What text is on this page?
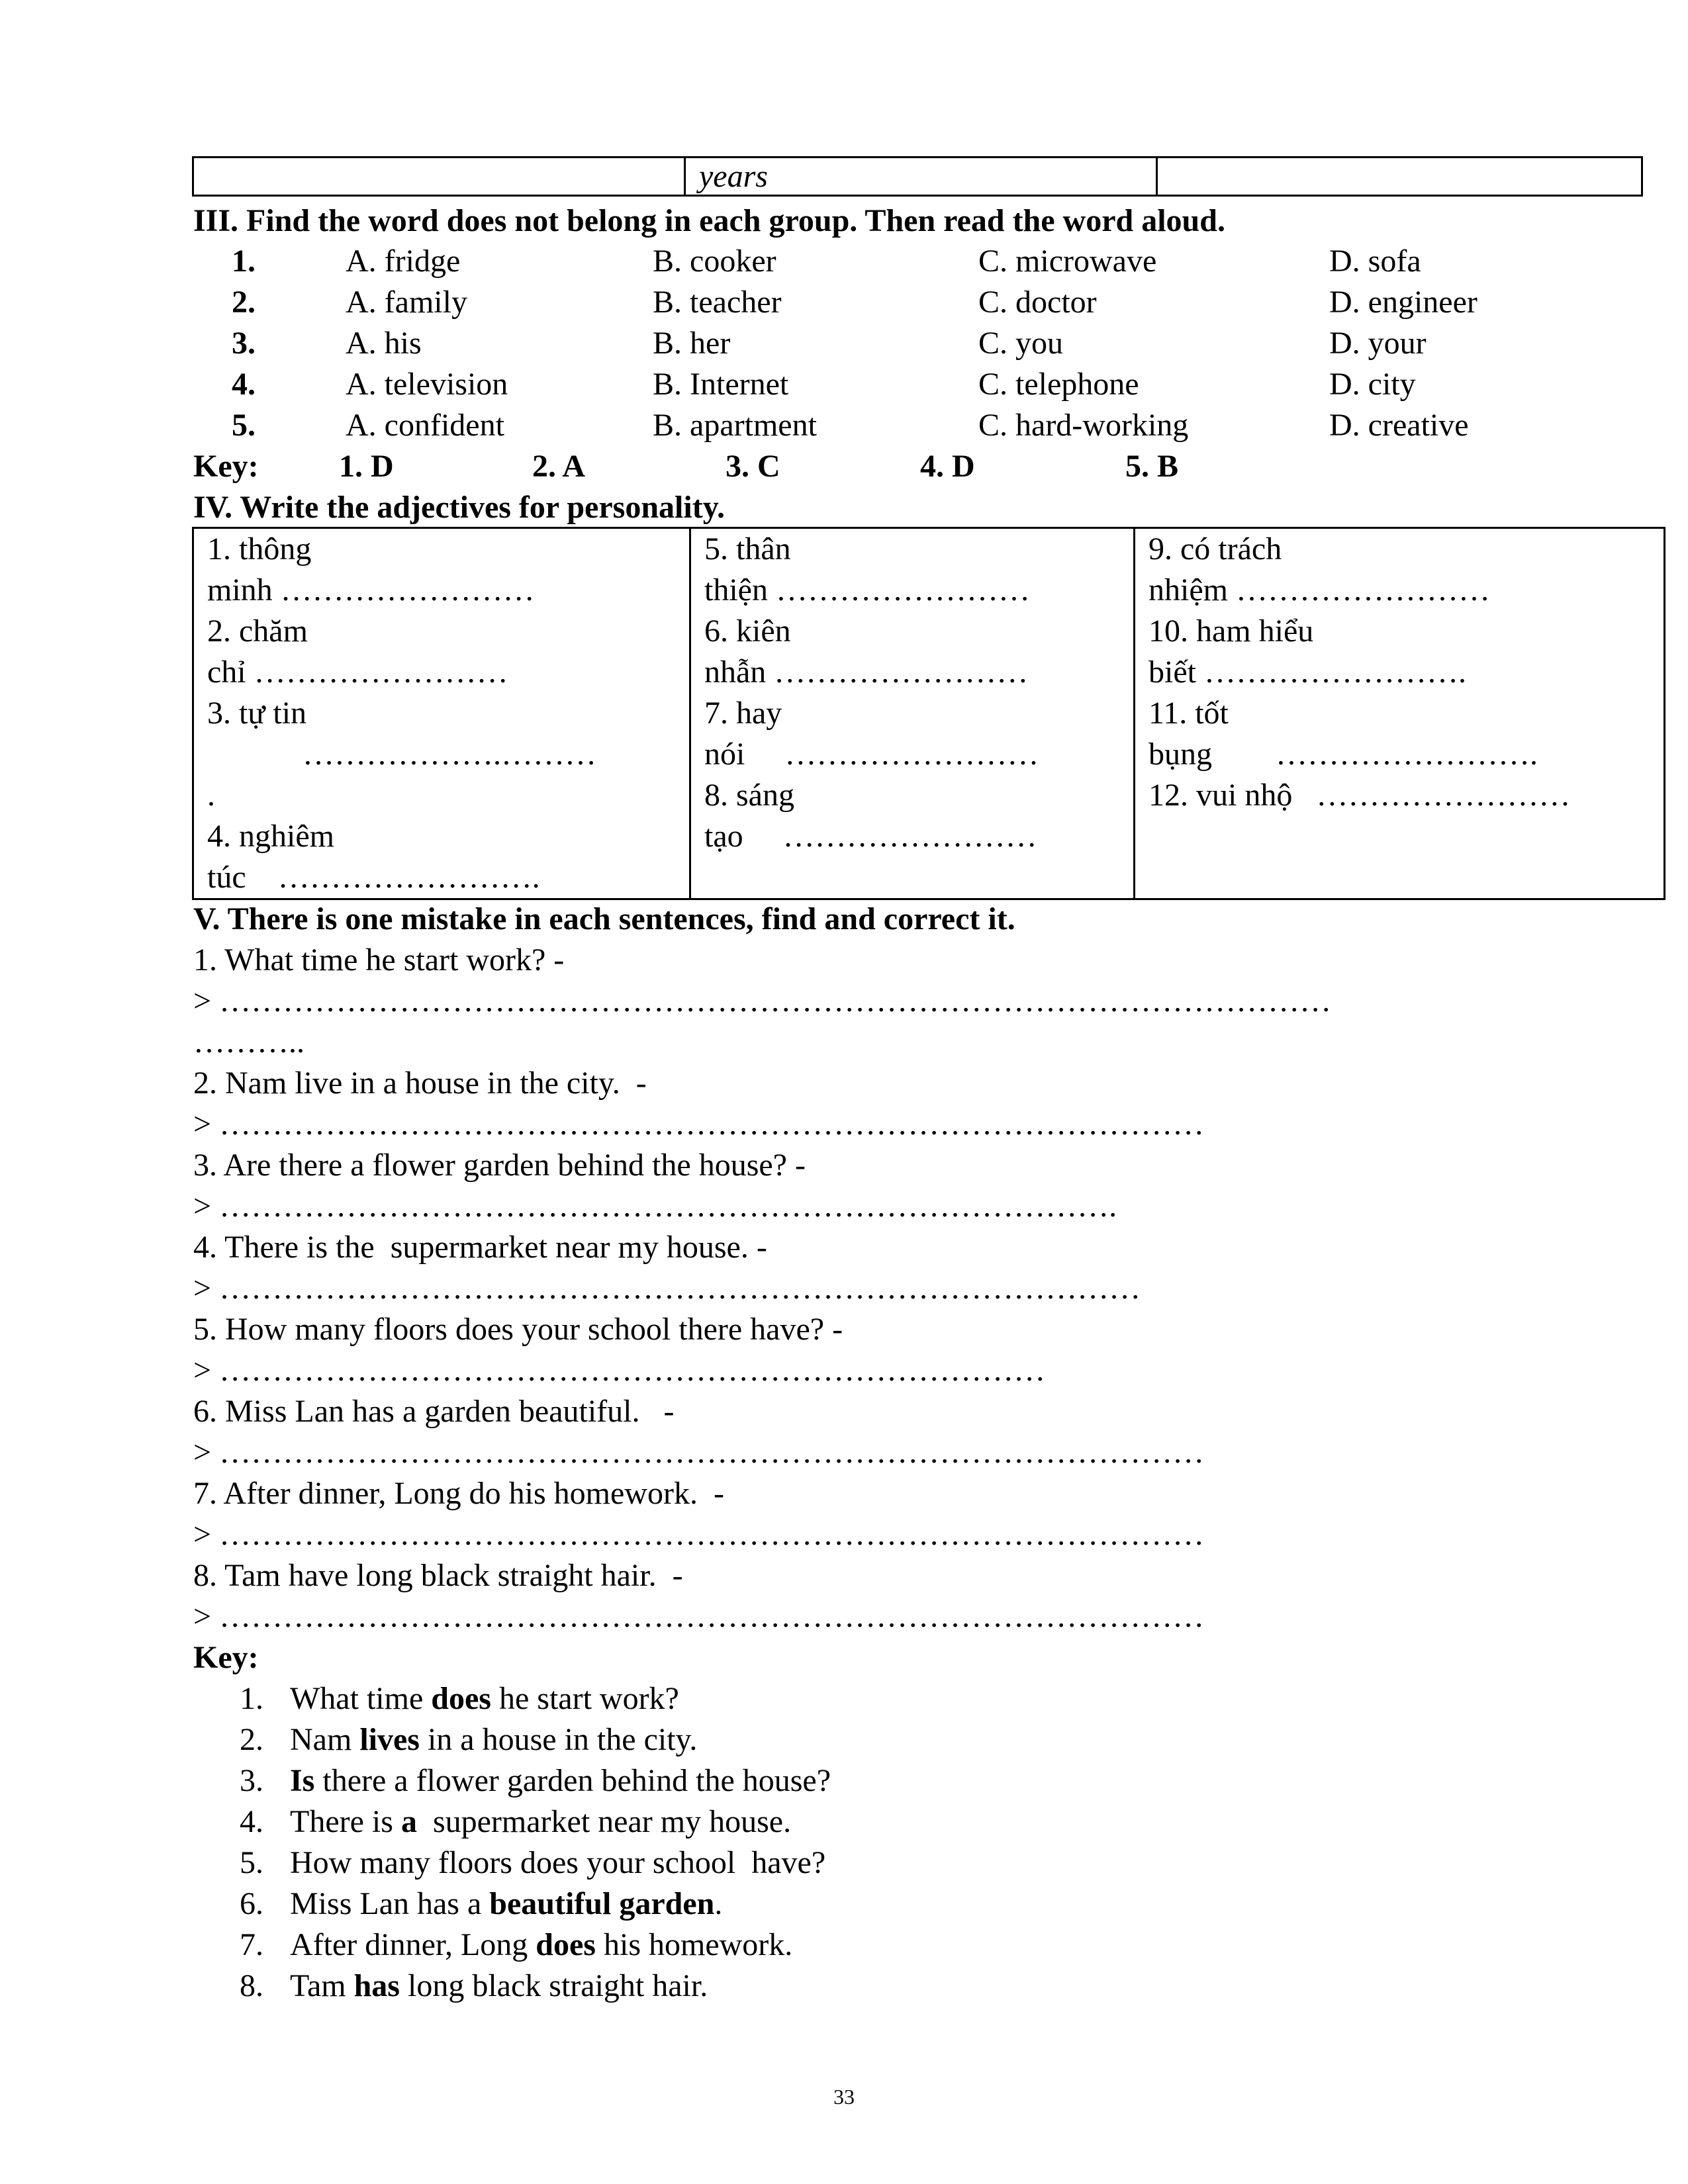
	years	
III. Find the word does not belong in each group. Then read the word aloud.
1.	A. fridge	B. cooker	C. microwave	D. sofa
2.	A. family	B. teacher	C. doctor	D. engineer
3.	A. his	B. her	C. you	D. your
4.	A. television	B. Internet	C. telephone	D. city
5.	A. confident	B. apartment	C. hard-working	D. creative
Key:	1. D	2. A	3. C	4. D	5. B
IV. Write the adjectives for personality.
1. thông
minh ……………………
2. chăm
chỉ ……………………
3. tự tin
……………….………
.
4. nghiêm
túc    …………………….

5. thân
thiện ……………………
6. kiên
nhẫn ……………………
7. hay
nói     ……………………
8. sáng
tạo     ……………………

9. có trách
nhiệm ……………………
10. ham hiểu
biết …………………….
11. tốt
bụng        …………………….
12. vui nhộ   ……………………
V. There is one mistake in each sentences, find and correct it.
1. What time he start work? -
> ……………………………………………………………………………………………
………..
2. Nam live in a house in the city.  -
> …………………………………………………………………………………
3. Are there a flower garden behind the house? -
> ………………………………………………………………………….
4. There is the  supermarket near my house. -
> ……………………………………………………………………………
5. How many floors does your school there have? -
> ……………………………………………………………………
6. Miss Lan has a garden beautiful.   -
> …………………………………………………………………………………
7. After dinner, Long do his homework.  -
> …………………………………………………………………………………
8. Tam have long black straight hair.  -
> …………………………………………………………………………………
Key:
1. What time does he start work?
2. Nam lives in a house in the city.
3. Is there a flower garden behind the house?
4. There is a  supermarket near my house.
5. How many floors does your school  have?
6. Miss Lan has a beautiful garden.
7. After dinner, Long does his homework.
8. Tam has long black straight hair.
33
